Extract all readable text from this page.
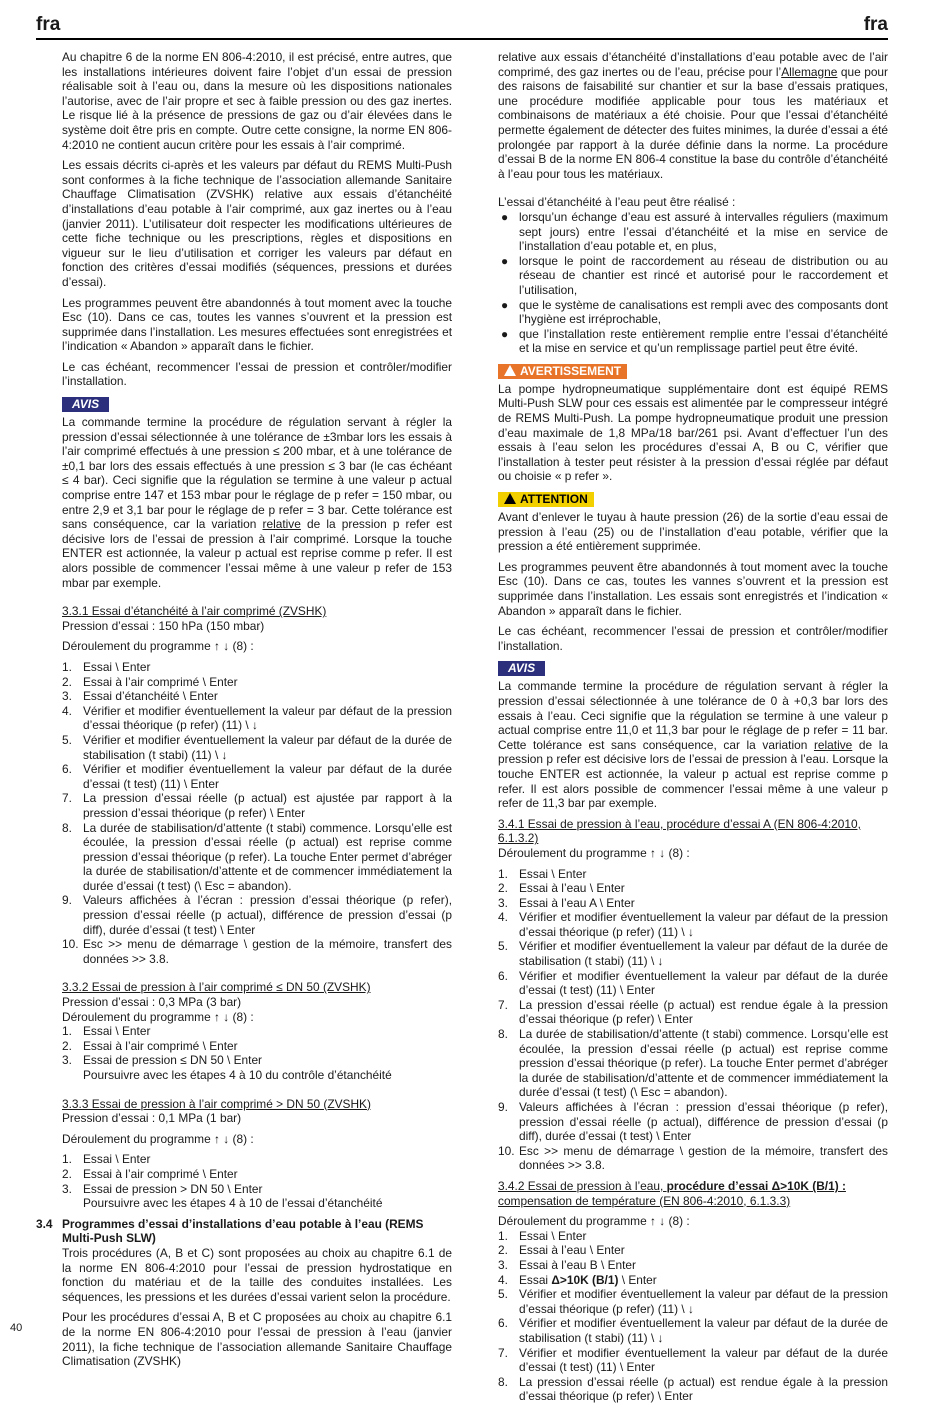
fra	fra

Au chapitre 6 de la norme EN 806-4:2010, il est précisé, entre autres, que les installations intérieures doivent faire l’objet d’un essai de pression réalisable soit à l’eau ou, dans la mesure où les dispositions nationales l’autorise, avec de l’air propre et sec à faible pression ou des gaz inertes. Le risque lié à la présence de pressions de gaz ou d’air élevées dans le système doit être pris en compte. Outre cette consigne, la norme EN 806-4:2010 ne contient aucun critère pour les essais à l’air comprimé.

Les essais décrits ci-après et les valeurs par défaut du REMS Multi-Push sont conformes à la fiche technique de l’association allemande Sanitaire Chauffage Climatisation (ZVSHK) relative aux essais d’étanchéité d’installations d’eau potable à l’air comprimé, aux gaz inertes ou à l’eau (janvier 2011). L’utilisateur doit respecter les modifications ultérieures de cette fiche technique ou les prescriptions, règles et dispositions en vigueur sur le lieu d’utilisation et corriger les valeurs par défaut en fonction des critères d’essai modifiés (séquences, pressions et durées d’essai).

Les programmes peuvent être abandonnés à tout moment avec la touche Esc (10). Dans ce cas, toutes les vannes s’ouvrent et la pression est supprimée dans l’installation. Les mesures effectuées sont enregistrées et l’indication « Abandon » apparaît dans le fichier.

Le cas échéant, recommencer l’essai de pression et contrôler/modifier l’installation.

AVIS

La commande termine la procédure de régulation servant à régler la pression d’essai sélectionnée à une tolérance de ±3mbar lors les essais à l’air comprimé effectués à une pression ≤ 200 mbar, et à une tolérance de ±0,1 bar lors des essais effectués à une pression ≤ 3 bar (le cas échéant ≤ 4 bar). Ceci signifie que la régulation se termine à une valeur p actual comprise entre 147 et 153 mbar pour le réglage de p refer = 150 mbar, ou entre 2,9 et 3,1 bar pour le réglage de p refer = 3 bar. Cette tolérance est sans conséquence, car la variation relative de la pression p refer est décisive lors de l’essai de pression à l’air comprimé. Lorsque la touche ENTER est actionnée, la valeur p actual est reprise comme p refer. Il est alors possible de commencer l’essai même à une valeur p refer de 153 mbar par exemple.

3.3.1 Essai d’étanchéité à l’air comprimé (ZVSHK)

Pression d’essai : 150 hPa (150 mbar)

Déroulement du programme ↑ ↓ (8) :

1. Essai \ Enter
2. Essai à l’air comprimé \ Enter
3. Essai d’étanchéité \ Enter
4. Vérifier et modifier éventuellement la valeur par défaut de la pression d’essai théorique (p refer) (11) \ ↓
5. Vérifier et modifier éventuellement la valeur par défaut de la durée de stabilisation (t stabi) (11) \ ↓
6. Vérifier et modifier éventuellement la valeur par défaut de la durée d’essai (t test) (11) \ Enter
7. La pression d’essai réelle (p actual) est ajustée par rapport à la pression d’essai théorique (p refer) \ Enter
8. La durée de stabilisation/d’attente (t stabi) commence. Lorsqu’elle est écoulée, la pression d’essai réelle (p actual) est reprise comme pression d’essai théorique (p refer). La touche Enter permet d’abréger la durée de stabilisation/d’attente et de commencer immédiatement la durée d’essai (t test) (\ Esc = abandon).
9. Valeurs affichées à l’écran : pression d’essai théorique (p refer), pression d’essai réelle (p actual), différence de pression d’essai (p diff), durée d’essai (t test) \ Enter
10. Esc >> menu de démarrage \ gestion de la mémoire, transfert des données >> 3.8.
3.3.2 Essai de pression à l’air comprimé ≤ DN 50 (ZVSHK)
Pression d’essai : 0,3 MPa (3 bar)
Déroulement du programme ↑ ↓ (8) :
1. Essai \ Enter
2. Essai à l’air comprimé \ Enter
3. Essai de pression ≤ DN 50 \ Enter
Poursuivre avec les étapes 4 à 10 du contrôle d’étanchéité
3.3.3 Essai de pression à l’air comprimé > DN 50 (ZVSHK)

Pression d’essai : 0,1 MPa (1 bar)

Déroulement du programme ↑ ↓ (8) :

1. Essai \ Enter
2. Essai à l’air comprimé \ Enter
3. Essai de pression > DN 50 \ Enter
Poursuivre avec les étapes 4 à 10 de l’essai d’étanchéité
3.4 Programmes d’essai d’installations d’eau potable à l’eau (REMS Multi-Push SLW)

Trois procédures (A, B et C) sont proposées au choix au chapitre 6.1 de la norme EN 806-4:2010 pour l’essai de pression hydrostatique en fonction du matériau et de la taille des conduites installées. Les séquences, les pressions et les durées d’essai varient selon la procédure.

Pour les procédures d’essai A, B et C proposées au choix au chapitre 6.1 de la norme EN 806-4:2010 pour l’essai de pression à l’eau (janvier 2011), la fiche technique de l’association allemande Sanitaire Chauffage Climatisation (ZVSHK)

relative aux essais d’étanchéité d’installations d’eau potable avec de l’air comprimé, des gaz inertes ou de l’eau, précise pour l’Allemagne que pour des raisons de faisabilité sur chantier et sur la base d’essais pratiques, une procédure modifiée applicable pour tous les matériaux et combinaisons de matériaux a été choisie. Pour que l’essai d’étanchéité permette également de détecter des fuites minimes, la durée d’essai a été prolongée par rapport à la durée définie dans la norme. La procédure d’essai B de la norme EN 806-4 constitue la base du contrôle d’étanchéité à l’eau pour tous les matériaux.

L’essai d’étanchéité à l’eau peut être réalisé :
● lorsqu’un échange d’eau est assuré à intervalles réguliers (maximum sept jours) entre l’essai d’étanchéité et la mise en service de l’installation d’eau potable et, en plus,
● lorsque le point de raccordement au réseau de distribution ou au réseau de chantier est rincé et autorisé pour le raccordement et l’utilisation,
● que le système de canalisations est rempli avec des composants dont l’hygiène est irréprochable,
● que l’installation reste entièrement remplie entre l’essai d’étanchéité et la mise en service et qu’un remplissage partiel peut être évité.
AVERTISSEMENT

La pompe hydropneumatique supplémentaire dont est équipé REMS Multi-Push SLW pour ces essais est alimentée par le compresseur intégré de REMS Multi-Push. La pompe hydropneumatique produit une pression d’eau maximale de 1,8 MPa/18 bar/261 psi. Avant d’effectuer l’un des essais à l’eau selon les procédures d’essai A, B ou C, vérifier que l’installation à tester peut résister à la pression d’essai réglée par défaut ou choisie « p refer ».

ATTENTION

Avant d’enlever le tuyau à haute pression (26) de la sortie d’eau essai de pression à l’eau (25) ou de l’installation d’eau potable, vérifier que la pression a été entièrement supprimée.

Les programmes peuvent être abandonnés à tout moment avec la touche Esc (10). Dans ce cas, toutes les vannes s’ouvrent et la pression est supprimée dans l’installation. Les essais sont enregistrés et l’indication « Abandon » apparaît dans le fichier.

Le cas échéant, recommencer l’essai de pression et contrôler/modifier l’installation.

AVIS

La commande termine la procédure de régulation servant à régler la pression d’essai sélectionnée à une tolérance de 0 à +0,3 bar lors des essais à l’eau. Ceci signifie que la régulation se termine à une valeur p actual comprise entre 11,0 et 11,3 bar pour le réglage de p refer = 11 bar. Cette tolérance est sans conséquence, car la variation relative de la pression p refer est décisive lors de l’essai de pression à l’eau. Lorsque la touche ENTER est actionnée, la valeur p actual est reprise comme p refer. Il est alors possible de commencer l’essai même à une valeur p refer de 11,3 bar par exemple.

3.4.1 Essai de pression à l’eau, procédure d’essai A (EN 806-4:2010, 6.1.3.2)

Déroulement du programme ↑ ↓ (8) :

1. Essai \ Enter
2. Essai à l’eau \ Enter
3. Essai à l’eau A \ Enter
4. Vérifier et modifier éventuellement la valeur par défaut de la pression d’essai théorique (p refer) (11) \ ↓
5. Vérifier et modifier éventuellement la valeur par défaut de la durée de stabilisation (t stabi) (11) \ ↓
6. Vérifier et modifier éventuellement la valeur par défaut de la durée d’essai (t test) (11) \ Enter
7. La pression d’essai réelle (p actual) est rendue égale à la pression d’essai théorique (p refer) \ Enter
8. La durée de stabilisation/d’attente (t stabi) commence. Lorsqu’elle est écoulée, la pression d’essai réelle (p actual) est reprise comme pression d’essai théorique (p refer). La touche Enter permet d’abréger la durée de stabilisation/d’attente et de commencer immédiatement la durée d’essai (t test) (\ Esc = abandon).
9. Valeurs affichées à l’écran : pression d’essai théorique (p refer), pression d’essai réelle (p actual), différence de pression d’essai (p diff), durée d’essai (t test) \ Enter
10. Esc >> menu de démarrage \ gestion de la mémoire, transfert des données >> 3.8.
3.4.2 Essai de pression à l’eau, procédure d’essai Δ>10K (B/1) : compensation de température (EN 806-4:2010, 6.1.3.3)
Déroulement du programme ↑ ↓ (8) :
1. Essai \ Enter
2. Essai à l’eau \ Enter
3. Essai à l’eau B \ Enter
4. Essai Δ>10K (B/1) \ Enter
5. Vérifier et modifier éventuellement la valeur par défaut de la pression d’essai théorique (p refer) (11) \ ↓
6. Vérifier et modifier éventuellement la valeur par défaut de la durée de stabilisation (t stabi) (11) \ ↓
7. Vérifier et modifier éventuellement la valeur par défaut de la durée d’essai (t test) (11) \ Enter
8. La pression d’essai réelle (p actual) est rendue égale à la pression d’essai théorique (p refer) \ Enter
40
